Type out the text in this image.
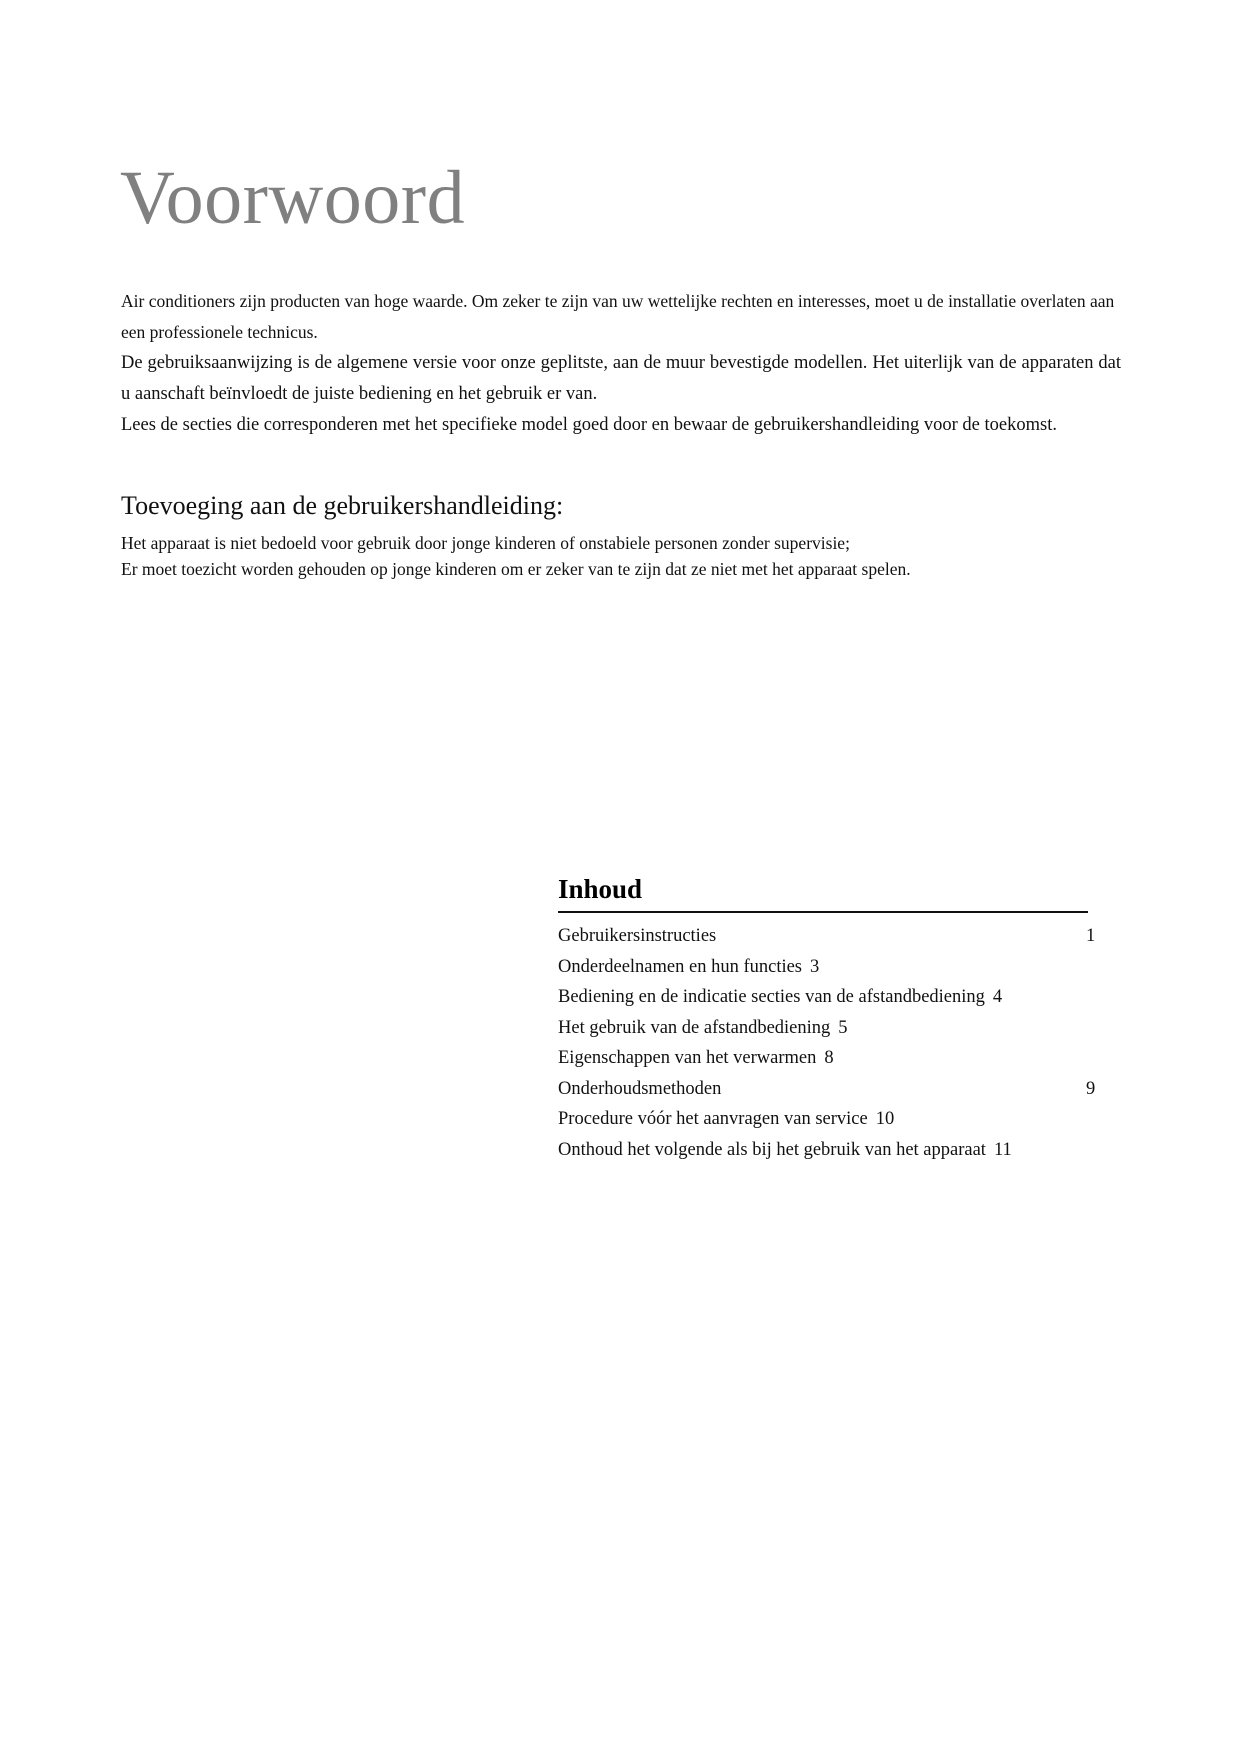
Voorwoord

Air conditioners zijn producten van hoge waarde. Om zeker te zijn van uw wettelijke rechten en interesses, moet u de installatie overlaten aan een professionele technicus.

De gebruiksaanwijzing is de algemene versie voor onze geplitste, aan de muur bevestigde modellen. Het uiterlijk van de apparaten dat u aanschaft beïnvloedt de juiste bediening en het gebruik er van.

Lees de secties die corresponderen met het specifieke model goed door en bewaar de gebruikershandleiding voor de toekomst.

Toevoeging aan de gebruikershandleiding:

Het apparaat is niet bedoeld voor gebruik door jonge kinderen of onstabiele personen zonder supervisie;

Er moet toezicht worden gehouden op jonge kinderen om er zeker van te zijn dat ze niet met het apparaat spelen.

Inhoud
Gebruikersinstructies	1
Onderdeelnamen en hun functies 3
Bediening en de indicatie secties van de afstandbediening 4
Het gebruik van de afstandbediening 5
Eigenschappen van het verwarmen 8
Onderhoudsmethoden	9
Procedure vóór het aanvragen van service 10
Onthoud het volgende als bij het gebruik van het apparaat 11
